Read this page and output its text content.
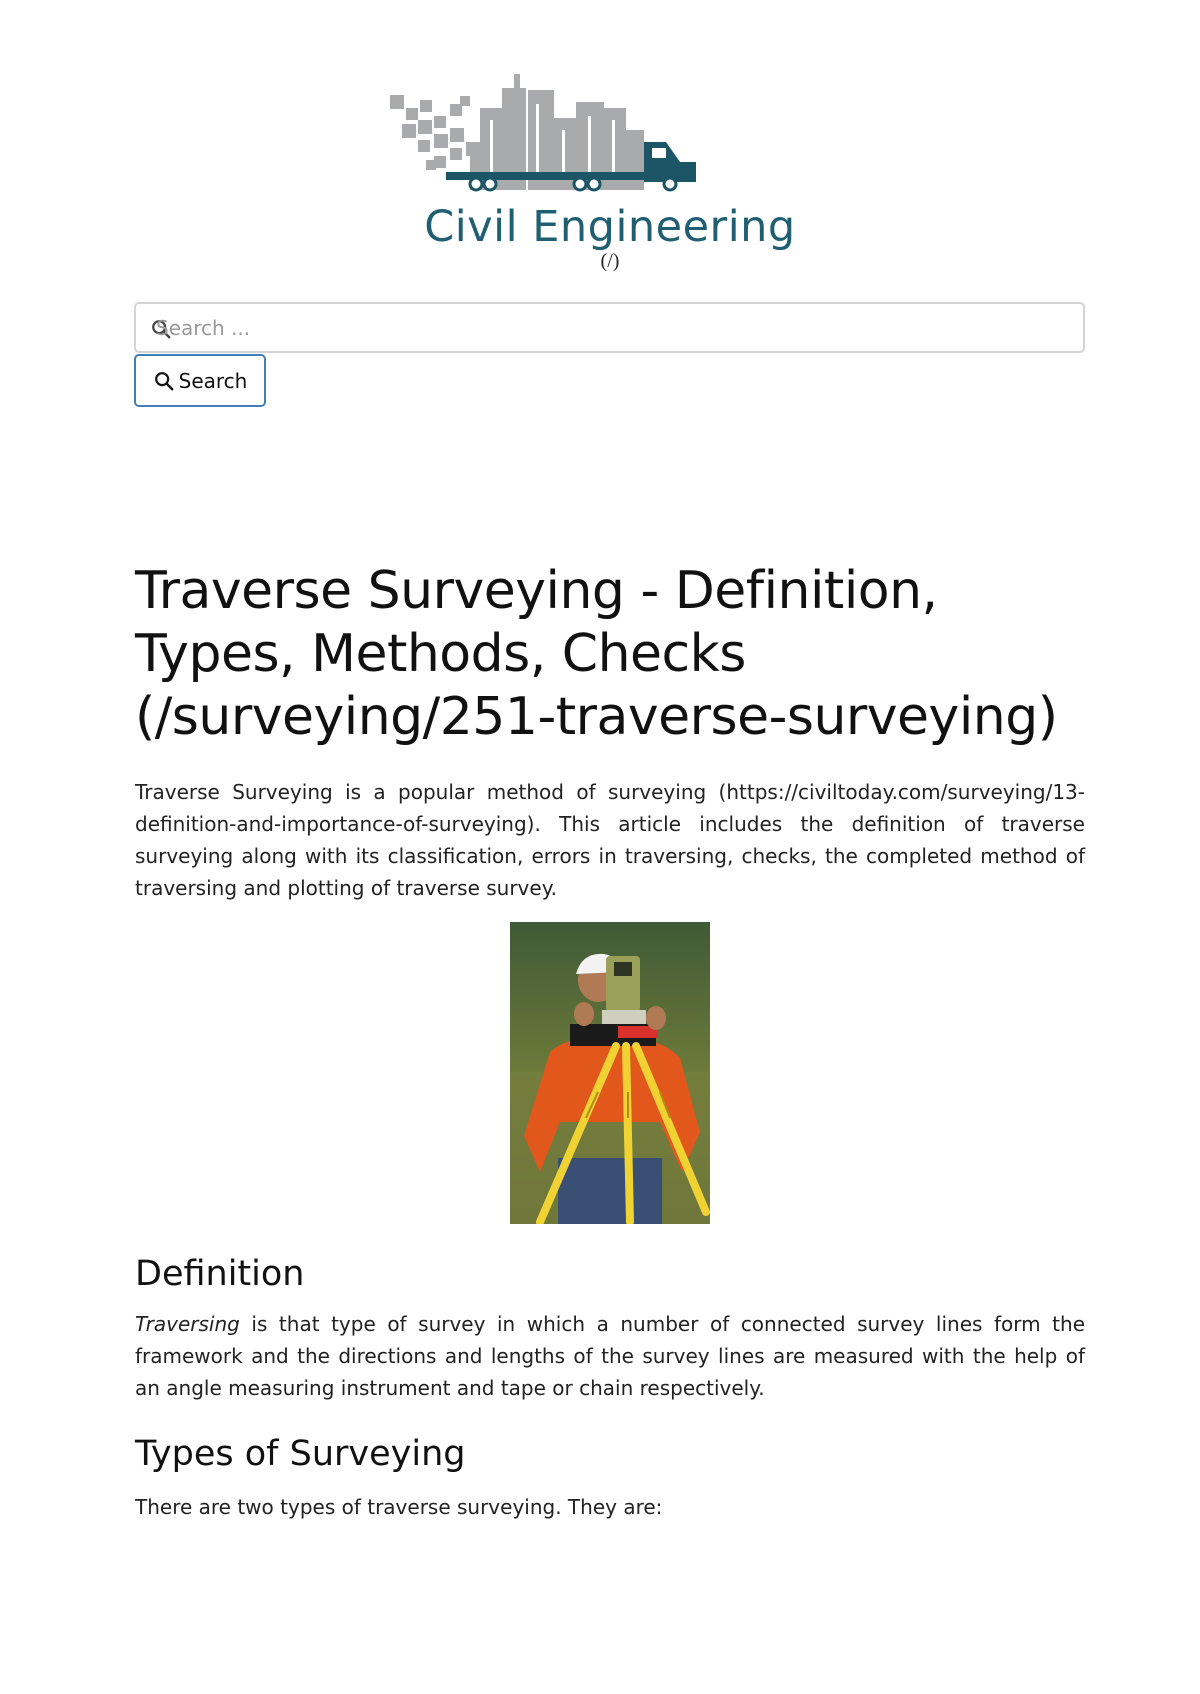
Civil Engineering
(/)
Search ...
Search
Traverse Surveying - Definition, Types, Methods, Checks (/surveying/251-traverse-surveying)

Traverse Surveying is a popular method of surveying (https://civiltoday.com/surveying/13-definition-and-importance-of-surveying). This article includes the definition of traverse surveying along with its classification, errors in traversing, checks, the completed method of traversing and plotting of traverse survey.

Definition

Traversing is that type of survey in which a number of connected survey lines form the framework and the directions and lengths of the survey lines are measured with the help of an angle measuring instrument and tape or chain respectively.

Types of Surveying

There are two types of traverse surveying. They are:
